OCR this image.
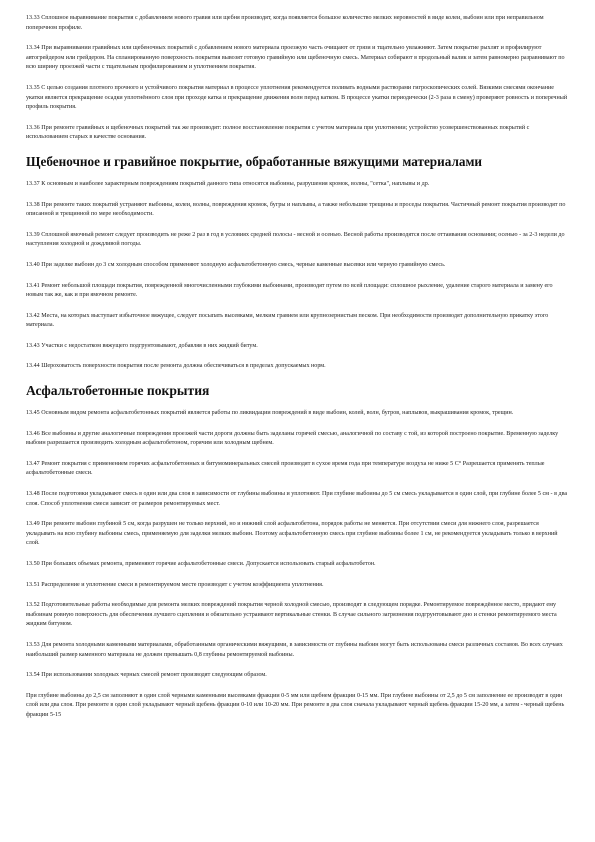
13.33 Сплошное выравнивание покрытия с добавлением нового гравия или щебня производят, когда появляется большое количество мелких неровностей в виде колеи, выбоин или при неправильном поперечном профиле.

13.34 При выравнивании гравийных или щебеночных покрытий с добавлением нового материала проезжую часть очищают от грязи и тщательно увлажняют. Затем покрытие рыхлят и профилируют автогрейдером или грейдером. На спланированную поверхность покрытия вывозят готовую гравийную или щебеночную смесь. Материал собирают в продольный валик и затем равномерно разравнивают по всю ширину проезжей части с тщательным профилированием и уплотнением покрытия.

13.35 С целью создания плотного прочного и устойчивого покрытия материал в процессе уплотнения рекомендуется поливать водными растворами гигроскопических солей. Вязкими смесями окончание укатки является прекращение осадки уплотнённого слоя при проходе катка и прекращение движения волн перед катком. В процессе укатки периодически (2-3 раза в смену) проверяют ровность и поперечный профиль покрытия.

13.36 При ремонте гравийных и щебеночных покрытий так же производят: полное восстановление покрытия с учетом материала при уплотнении; устройство усовершенствованных покрытий с использованием старых в качестве основания.

Щебеночное и гравийное покрытие, обработанные вяжущими материалами

13.37 К основным и наиболее характерным повреждениям покрытий данного типа относятся выбоины, разрушения кромок, волны, "сетка", наплывы и др.

13.38 При ремонте таких покрытий устраняют выбоины, колеи, волны, повреждения кромок, бугры и наплывы, а также небольшие трещины и проседы покрытия. Частичный ремонт покрытия производят по описанной и трещинной по мере необходимости.

13.39 Сплошной ямочный ремонт следует производить не реже 2 раз в год в условиях средней полосы - весной и осенью. Весной работы производятся после оттаивания основания; осенью - за 2-3 недели до наступления холодной и дождливой погоды.

13.40 При заделке выбоин до 3 см холодным способом применяют холодную асфальтобетонную смесь, черные каменные высевки или черную гравийную смесь.

13.41 Ремонт небольшой площади покрытия, поврежденной многочисленными глубокими выбоинами, производят путем по всей площади: сплошное рыхление, удаление старого материала и замену его новым так же, как и при ямочном ремонте.

13.42 Места, на которых выступает избыточное вяжущее, следует посыпать высевками, мелким гравием или крупнозернистым песком. При необходимости производят дополнительную прикатку этого материала.

13.43 Участки с недостатком вяжущего подгрунтовывают, добавляя в них жидкий битум.

13.44 Шероховатость поверхности покрытия после ремонта должна обеспечиваться в пределах допускаемых норм.

Асфальтобетонные покрытия

13.45 Основным видом ремонта асфальтобетонных покрытий является работы по ликвидации повреждений в виде выбоин, колей, волн, бугров, наплывов, выкрашивания кромок, трещин.

13.46 Все выбоины и другие аналогичные повреждения проезжей части дороги должны быть заделаны горячей смесью, аналогичной по составу с той, из которой построено покрытие. Временную заделку выбоин разрешается производить холодным асфальтобетоном, горячим или холодным щебнем.

13.47 Ремонт покрытия с применением горячих асфальтобетонных и битумоминеральных смесей производят в сухое время года при температуре воздуха не ниже 5 С° Разрешается применять теплые асфальтобетонные смеси.

13.48 После подготовки укладывают смесь в один или два слоя в зависимости от глубины выбоины и уплотняют. При глубине выбоины до 5 см смесь укладывается в один слой, при глубине более 5 см - в два слоя. Способ уплотнения смеси зависит от размеров ремонтируемых мест.

13.49 При ремонте выбоин глубиной 5 см, когда разрушен не только верхний, но и нижний слой асфальтобетона, порядок работы не меняется. При отсутствии смеси для нижнего слоя, разрешается укладывать на всю глубину выбоины смесь, применяемую для заделки мелких выбоин. Поэтому асфальтобетонную смесь при глубине выбоины более 1 см, не рекомендуется укладывать только в верхний слой.

13.50 При больших объемах ремонта, применяют горячие асфальтобетонные смеси. Допускается использовать старый асфальтобетон.

13.51 Распределение и уплотнение смеси в ремонтируемом месте производят с учетом коэффициента уплотнения.

13.52 Подготовительные работы необходимые для ремонта мелких повреждений покрытия черной холодной смесью, производят в следующем порядке. Ремонтируемое повреждённое место, придают ему выбоинам ровную поверхность для обеспечения лучшего сцепления и обязательно устраивают вертикальные стенки. В случае сильного загрязнения подгрунтовывают дно и стенки ремонтируемого места жидким битумом.

13.53 Для ремонта холодными каменными материалами, обработанными органическими вяжущими, в зависимости от глубины выбоин могут быть использованы смеси различных составов. Во всех случаях наибольший размер каменного материала не должен превышать 0,8 глубины ремонтируемой выбоины.

13.54 При использовании холодных черных смесей ремонт производят следующим образом.

При глубине выбоины до 2,5 см заполняют в один слой черными каменными высевками фракции 0-5 мм или щебнем фракции 0-15 мм. При глубине выбоины от 2,5 до 5 см заполнение ее производят в один слой или два слоя. При ремонте в один слой укладывают черный щебень фракции 0-10 или 10-20 мм. При ремонте в два слоя сначала укладывают черный щебень фракции 15-20 мм, а затем - черный щебень фракции 5-15
